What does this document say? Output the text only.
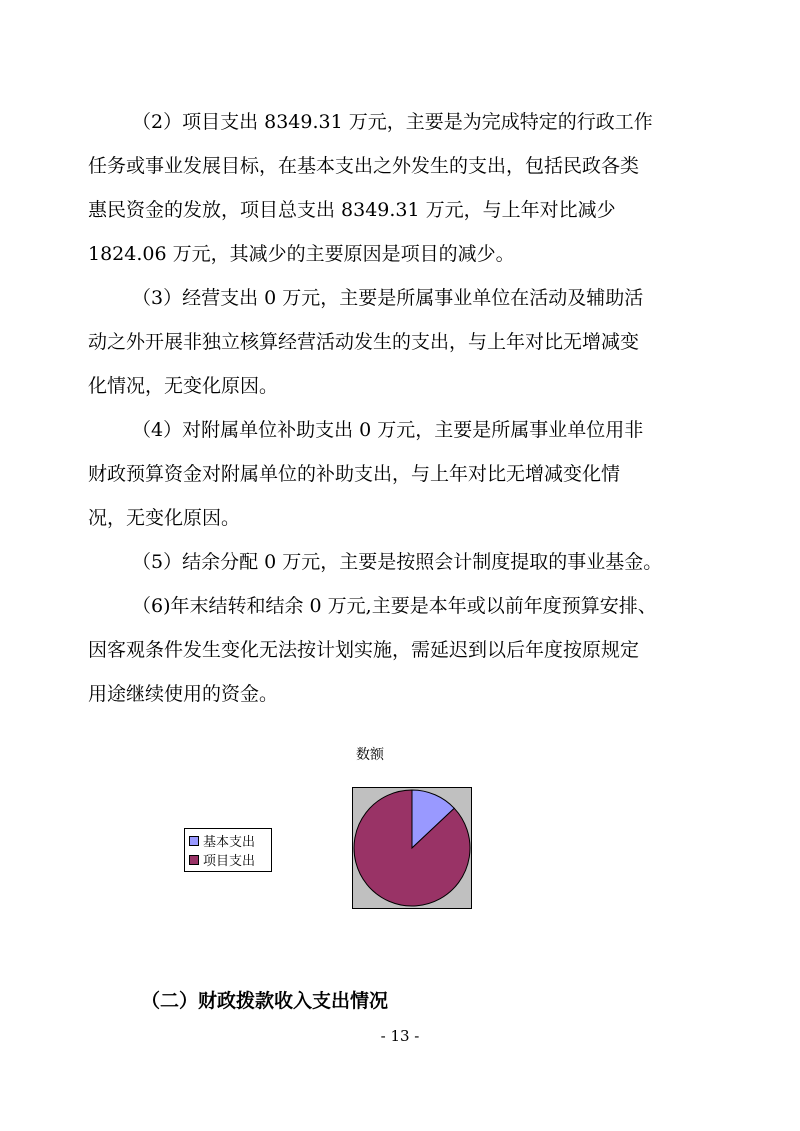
（2）项目支出 8349.31 万元，主要是为完成特定的行政工作
任务或事业发展目标，在基本支出之外发生的支出，包括民政各类
惠民资金的发放，项目总支出 8349.31 万元，与上年对比减少
1824.06 万元，其减少的主要原因是项目的减少。
（3）经营支出 0 万元，主要是所属事业单位在活动及辅助活
动之外开展非独立核算经营活动发生的支出，与上年对比无增减变
化情况，无变化原因。
（4）对附属单位补助支出 0 万元，主要是所属事业单位用非
财政预算资金对附属单位的补助支出，与上年对比无增减变化情
况，无变化原因。
（5）结余分配 0 万元，主要是按照会计制度提取的事业基金。
（6)年末结转和结余 0 万元,主要是本年或以前年度预算安排、
因客观条件发生变化无法按计划实施，需延迟到以后年度按原规定
用途继续使用的资金。
数额
基本支出
项目支出
（二）财政拨款收入支出情况
- 13 -
